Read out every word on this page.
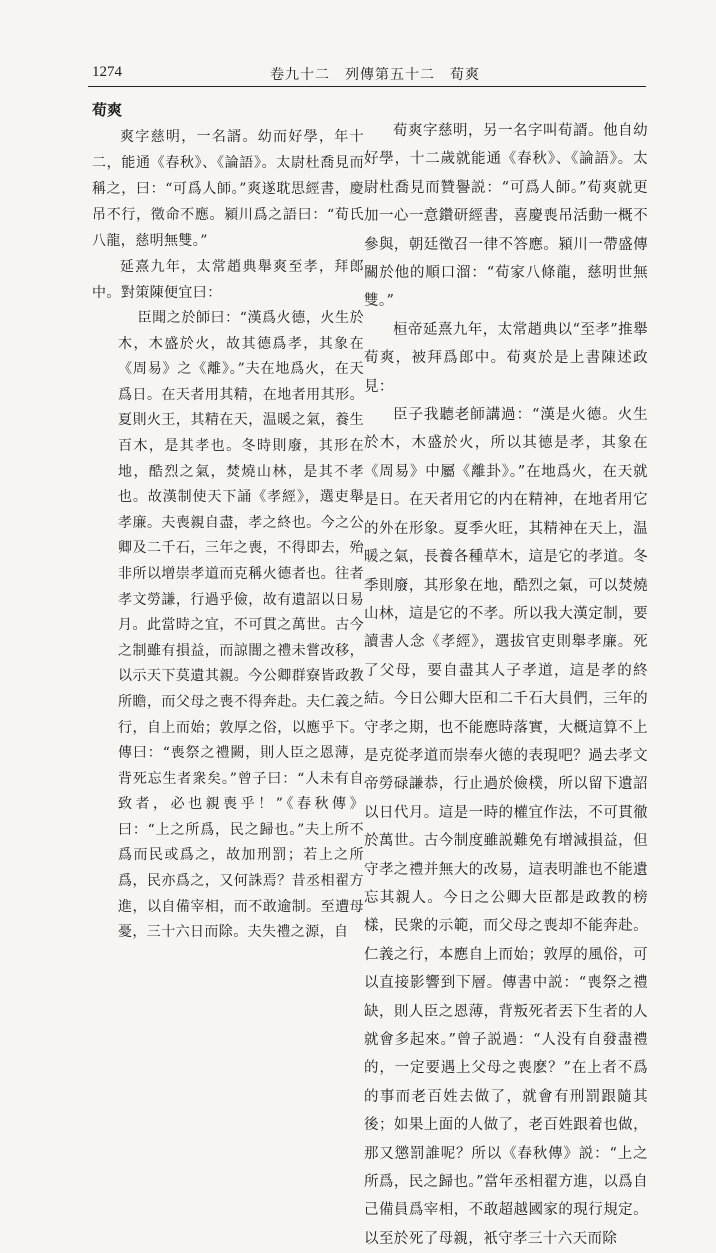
1274	卷九十二　列傳第五十二　荀爽
荀爽

爽字慈明，一名諝。幼而好學，年十二，能通《春秋》、《論語》。太尉杜喬見而稱之，曰：“可爲人師。”爽遂耽思經書，慶吊不行，徵命不應。潁川爲之語曰：“荀氏八龍，慈明無雙。”

延熹九年，太常趙典舉爽至孝，拜郎中。對策陳便宜曰：

臣聞之於師曰：“漢爲火德，火生於木，木盛於火，故其德爲孝，其象在《周易》之《離》。”夫在地爲火，在天爲日。在天者用其精，在地者用其形。夏則火王，其精在天，温暖之氣，養生百木，是其孝也。冬時則廢，其形在地，酷烈之氣，焚燒山林，是其不孝也。故漢制使天下誦《孝經》，選吏舉孝廉。夫喪親自盡，孝之終也。今之公卿及二千石，三年之喪，不得即去，殆非所以增崇孝道而克稱火德者也。往者孝文勞謙，行過乎儉，故有遺詔以日易月。此當時之宜，不可貫之萬世。古今之制雖有損益，而諒闇之禮未嘗改移，以示天下莫遺其親。今公卿群寮皆政教所瞻，而父母之喪不得奔赴。夫仁義之行，自上而始；敦厚之俗，以應乎下。傳曰：“喪祭之禮闕，則人臣之恩薄，背死忘生者衆矣。”曾子曰：“人未有自致者，必也親喪乎！”《春秋傳》曰：“上之所爲，民之歸也。”夫上所不爲而民或爲之，故加刑罰；若上之所爲，民亦爲之，又何誅焉？昔丞相翟方進，以自備宰相，而不敢逾制。至遭母憂，三十六日而除。夫失禮之源，自

荀爽字慈明，另一名字叫荀諝。他自幼好學，十二歲就能通《春秋》、《論語》。太尉杜喬見而贊譽説：“可爲人師。”荀爽就更加一心一意鑽研經書，喜慶喪吊活動一概不參與，朝廷徵召一律不答應。潁川一帶盛傳關於他的順口溜：“荀家八條龍，慈明世無雙。”

桓帝延熹九年，太常趙典以“至孝”推舉荀爽，被拜爲郎中。荀爽於是上書陳述政見：

臣子我聽老師講過：“漢是火德。火生於木，木盛於火，所以其德是孝，其象在《周易》中屬《離卦》。”在地爲火，在天就是日。在天者用它的内在精神，在地者用它的外在形象。夏季火旺，其精神在天上，温暖之氣，長養各種草木，這是它的孝道。冬季則廢，其形象在地，酷烈之氣，可以焚燒山林，這是它的不孝。所以我大漢定制，要讀書人念《孝經》，選拔官吏則舉孝廉。死了父母，要自盡其人子孝道，這是孝的終結。今日公卿大臣和二千石大員們，三年的守孝之期，也不能應時落實，大概這算不上是克從孝道而崇奉火德的表現吧？過去孝文帝勞碌謙恭，行止過於儉樸，所以留下遺詔以日代月。這是一時的權宜作法，不可貫徹於萬世。古今制度雖説難免有增減損益，但守孝之禮并無大的改易，這表明誰也不能遺忘其親人。今日之公卿大臣都是政教的榜樣，民衆的示範，而父母之喪却不能奔赴。仁義之行，本應自上而始；敦厚的風俗，可以直接影響到下層。傳書中説：“喪祭之禮缺，則人臣之恩薄，背叛死者丟下生者的人就會多起來。”曾子説過：“人没有自發盡禮的，一定要遇上父母之喪麽？”在上者不爲的事而老百姓去做了，就會有刑罰跟隨其後；如果上面的人做了，老百姓跟着也做，那又懲罰誰呢？所以《春秋傳》説：“上之所爲，民之歸也。”當年丞相翟方進，以爲自己備員爲宰相，不敢超越國家的現行規定。以至於死了母親，衹守孝三十六天而除
